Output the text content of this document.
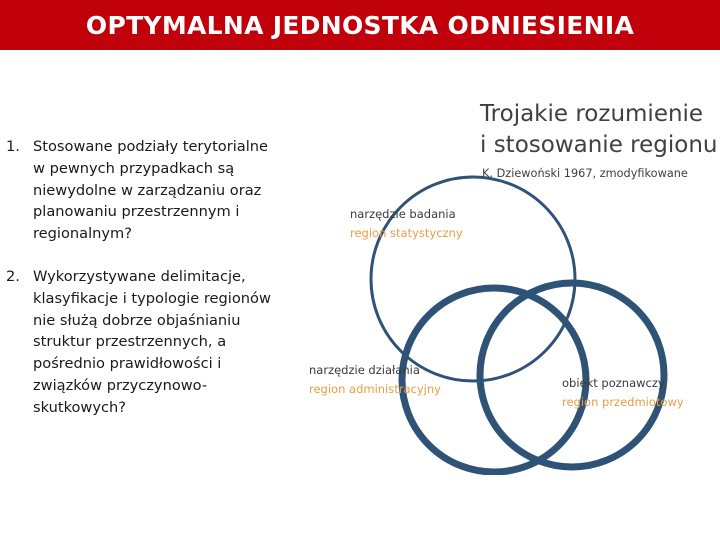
OPTYMALNA JEDNOSTKA ODNIESIENIA
1. Stosowane podziały terytorialne w pewnych przypadkach są niewydolne w zarządzaniu oraz planowaniu przestrzennym i regionalnym?
2. Wykorzystywane delimitacje, klasyfikacje i typologie regionów nie służą dobrze objaśnianiu struktur przestrzennych, a pośrednio prawidłowości i związków przyczynowo-skutkowych?
Trojakie rozumienie
i stosowanie regionu
K. Dziewoński 1967, zmodyfikowane
narzędzie badania
region statystyczny
narzędzie działania
region administracyjny	obiekt poznawczy
region przedmiotowy
